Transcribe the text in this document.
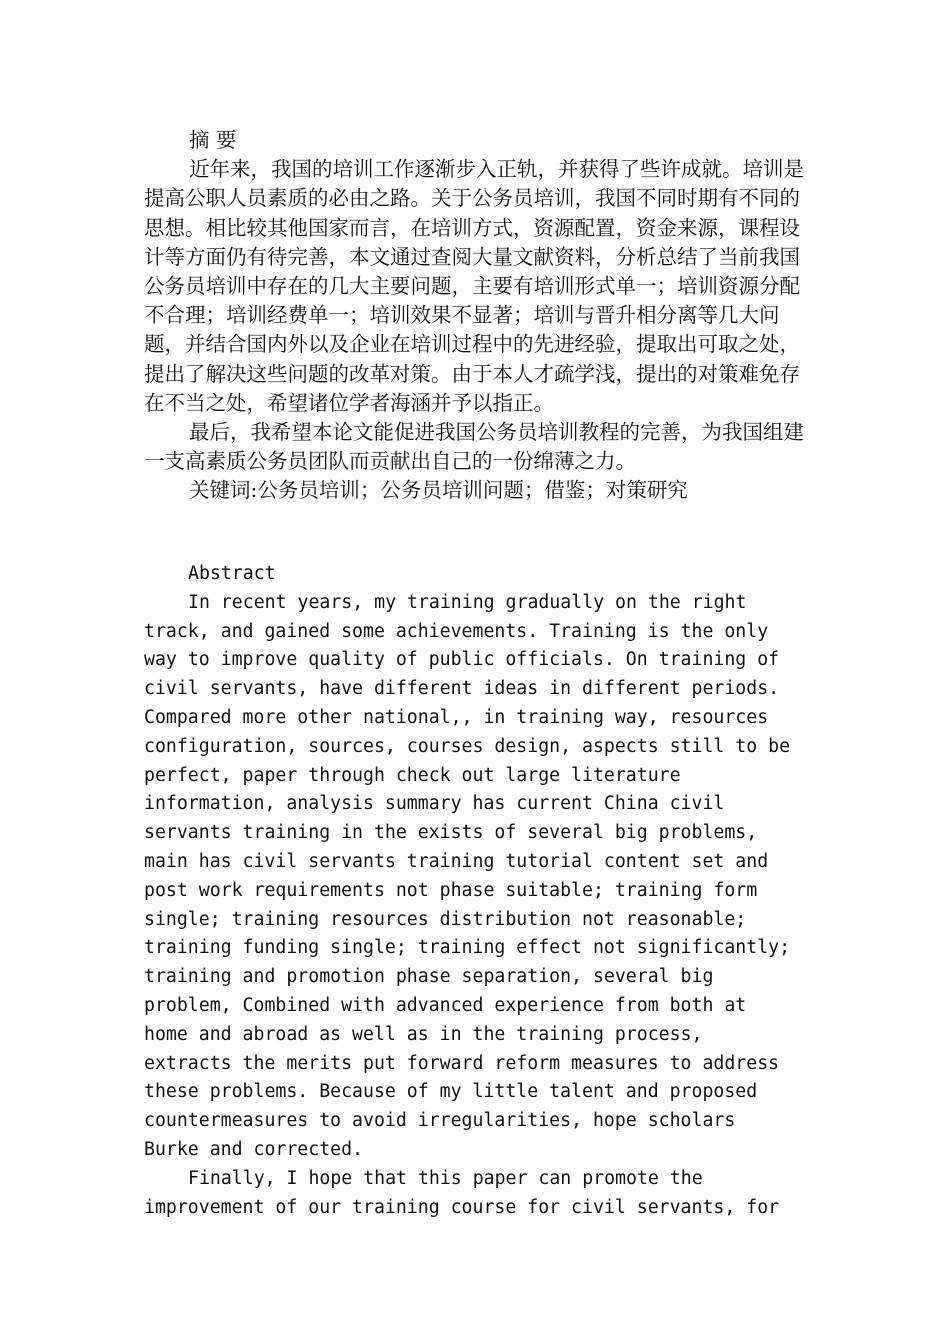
摘 要

近年来，我国的培训工作逐渐步入正轨，并获得了些许成就。培训是提高公职人员素质的必由之路。关于公务员培训，我国不同时期有不同的思想。相比较其他国家而言，在培训方式，资源配置，资金来源，课程设计等方面仍有待完善，本文通过查阅大量文献资料，分析总结了当前我国公务员培训中存在的几大主要问题，主要有培训形式单一；培训资源分配不合理；培训经费单一；培训效果不显著；培训与晋升相分离等几大问题，并结合国内外以及企业在培训过程中的先进经验，提取出可取之处，提出了解决这些问题的改革对策。由于本人才疏学浅，提出的对策难免存在不当之处，希望诸位学者海涵并予以指正。

最后，我希望本论文能促进我国公务员培训教程的完善，为我国组建一支高素质公务员团队而贡献出自己的一份绵薄之力。

关键词:公务员培训；公务员培训问题；借鉴；对策研究

Abstract

In recent years, my training gradually on the right

track, and gained some achievements. Training is the only

way to improve quality of public officials. On training of

civil servants, have different ideas in different periods.

Compared more other national,, in training way, resources

configuration, sources, courses design, aspects still to be

perfect, paper through check out large literature

information, analysis summary has current China civil

servants training in the exists of several big problems,

main has civil servants training tutorial content set and

post work requirements not phase suitable; training form

single; training resources distribution not reasonable;

training funding single; training effect not significantly;

training and promotion phase separation, several big

problem, Combined with advanced experience from both at

home and abroad as well as in the training process,

extracts the merits put forward reform measures to address

these problems. Because of my little talent and proposed

countermeasures to avoid irregularities, hope scholars

Burke and corrected.

Finally, I hope that this paper can promote the

improvement of our training course for civil servants, for
